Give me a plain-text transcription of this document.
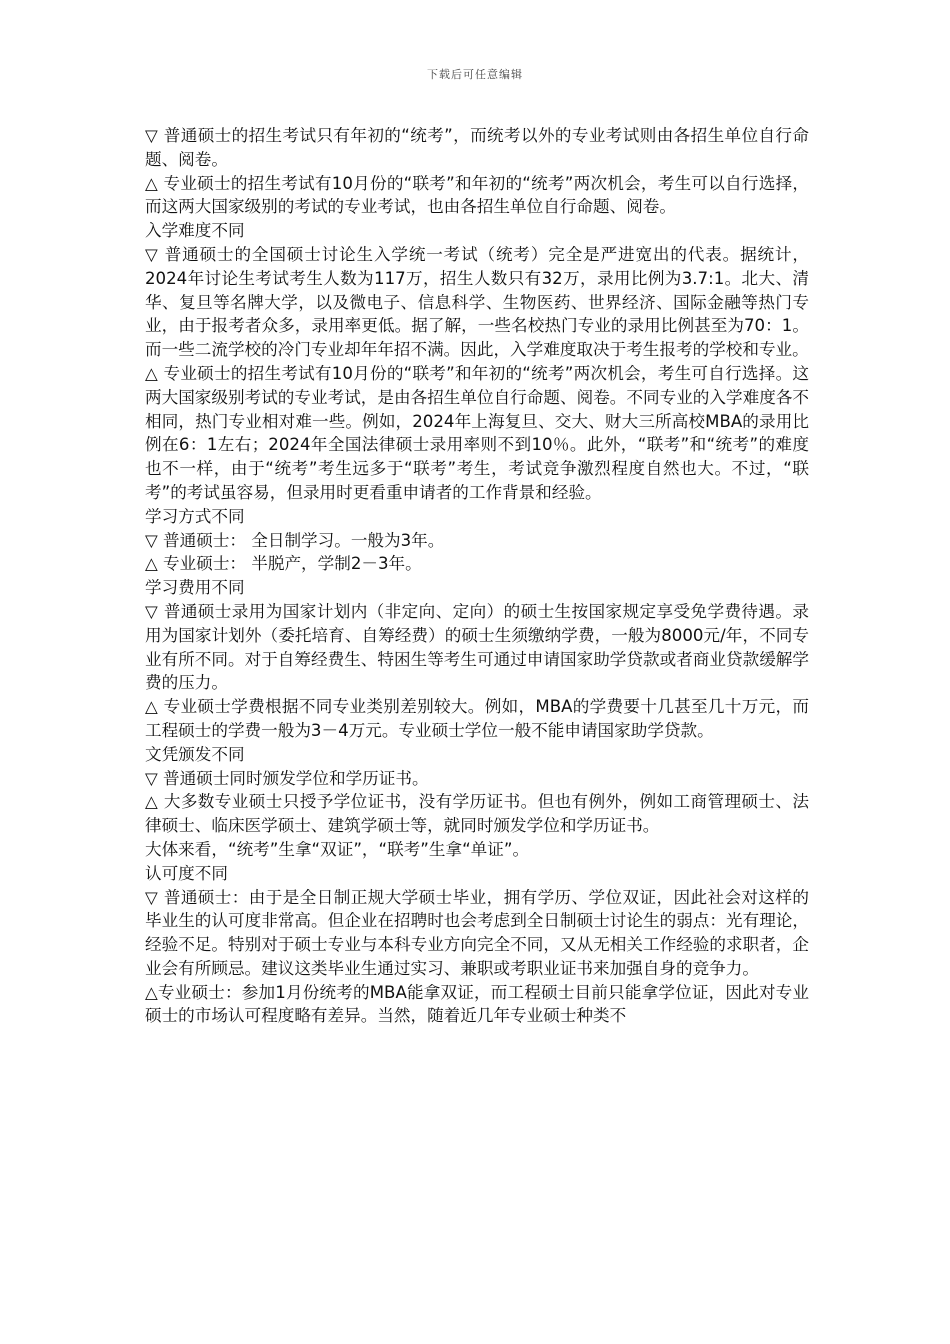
下载后可任意编辑

▽ 普通硕士的招生考试只有年初的“统考”，而统考以外的专业考试则由各招生单位自行命题、阅卷。

△ 专业硕士的招生考试有10月份的“联考”和年初的“统考”两次机会，考生可以自行选择，而这两大国家级别的考试的专业考试，也由各招生单位自行命题、阅卷。

入学难度不同

▽ 普通硕士的全国硕士讨论生入学统一考试（统考）完全是严进宽出的代表。据统计，2024年讨论生考试考生人数为117万，招生人数只有32万，录用比例为3.7:1。北大、清华、复旦等名牌大学，以及微电子、信息科学、生物医药、世界经济、国际金融等热门专业，由于报考者众多，录用率更低。据了解，一些名校热门专业的录用比例甚至为70：1。而一些二流学校的冷门专业却年年招不满。因此，入学难度取决于考生报考的学校和专业。

△ 专业硕士的招生考试有10月份的“联考”和年初的“统考”两次机会，考生可自行选择。这两大国家级别考试的专业考试，是由各招生单位自行命题、阅卷。不同专业的入学难度各不相同，热门专业相对难一些。例如，2024年上海复旦、交大、财大三所高校MBA的录用比例在6：1左右；2024年全国法律硕士录用率则不到10％。此外，“联考”和“统考”的难度也不一样，由于“统考”考生远多于“联考”考生，考试竞争激烈程度自然也大。不过，“联考”的考试虽容易，但录用时更看重申请者的工作背景和经验。

学习方式不同

▽ 普通硕士： 全日制学习。一般为3年。

△ 专业硕士： 半脱产，学制2－3年。

学习费用不同

▽ 普通硕士录用为国家计划内（非定向、定向）的硕士生按国家规定享受免学费待遇。录用为国家计划外（委托培育、自筹经费）的硕士生须缴纳学费，一般为8000元/年，不同专业有所不同。对于自筹经费生、特困生等考生可通过申请国家助学贷款或者商业贷款缓解学费的压力。

△ 专业硕士学费根据不同专业类别差别较大。例如，MBA的学费要十几甚至几十万元，而工程硕士的学费一般为3－4万元。专业硕士学位一般不能申请国家助学贷款。

文凭颁发不同

▽ 普通硕士同时颁发学位和学历证书。

△ 大多数专业硕士只授予学位证书，没有学历证书。但也有例外，例如工商管理硕士、法律硕士、临床医学硕士、建筑学硕士等，就同时颁发学位和学历证书。

大体来看，“统考”生拿“双证”，“联考”生拿“单证”。

认可度不同

▽ 普通硕士：由于是全日制正规大学硕士毕业，拥有学历、学位双证，因此社会对这样的毕业生的认可度非常高。但企业在招聘时也会考虑到全日制硕士讨论生的弱点：光有理论，经验不足。特别对于硕士专业与本科专业方向完全不同，又从无相关工作经验的求职者，企业会有所顾忌。建议这类毕业生通过实习、兼职或考职业证书来加强自身的竞争力。

△专业硕士：参加1月份统考的MBA能拿双证，而工程硕士目前只能拿学位证，因此对专业硕士的市场认可程度略有差异。当然，随着近几年专业硕士种类不
